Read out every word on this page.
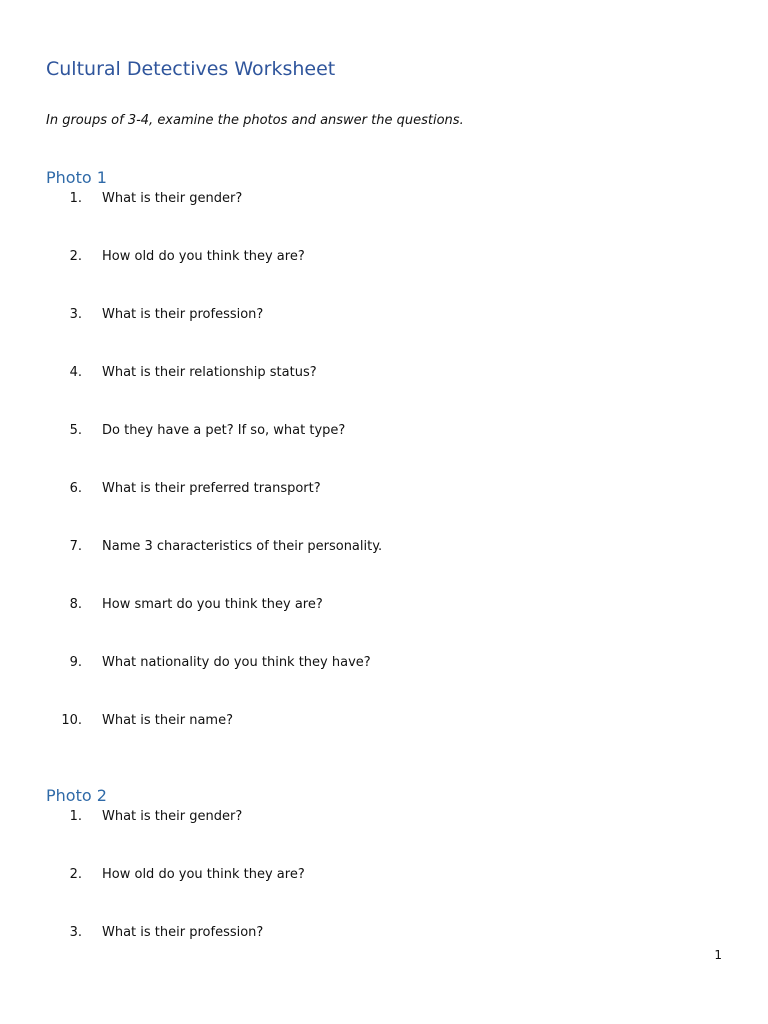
Cultural Detectives Worksheet

In groups of 3-4, examine the photos and answer the questions.

Photo 1
1. What is their gender?
2. How old do you think they are?
3. What is their profession?
4. What is their relationship status?
5. Do they have a pet? If so, what type?
6. What is their preferred transport?
7. Name 3 characteristics of their personality.
8. How smart do you think they are?
9. What nationality do you think they have?
10. What is their name?
Photo 2
1. What is their gender?
2. How old do you think they are?
3. What is their profession?
1
